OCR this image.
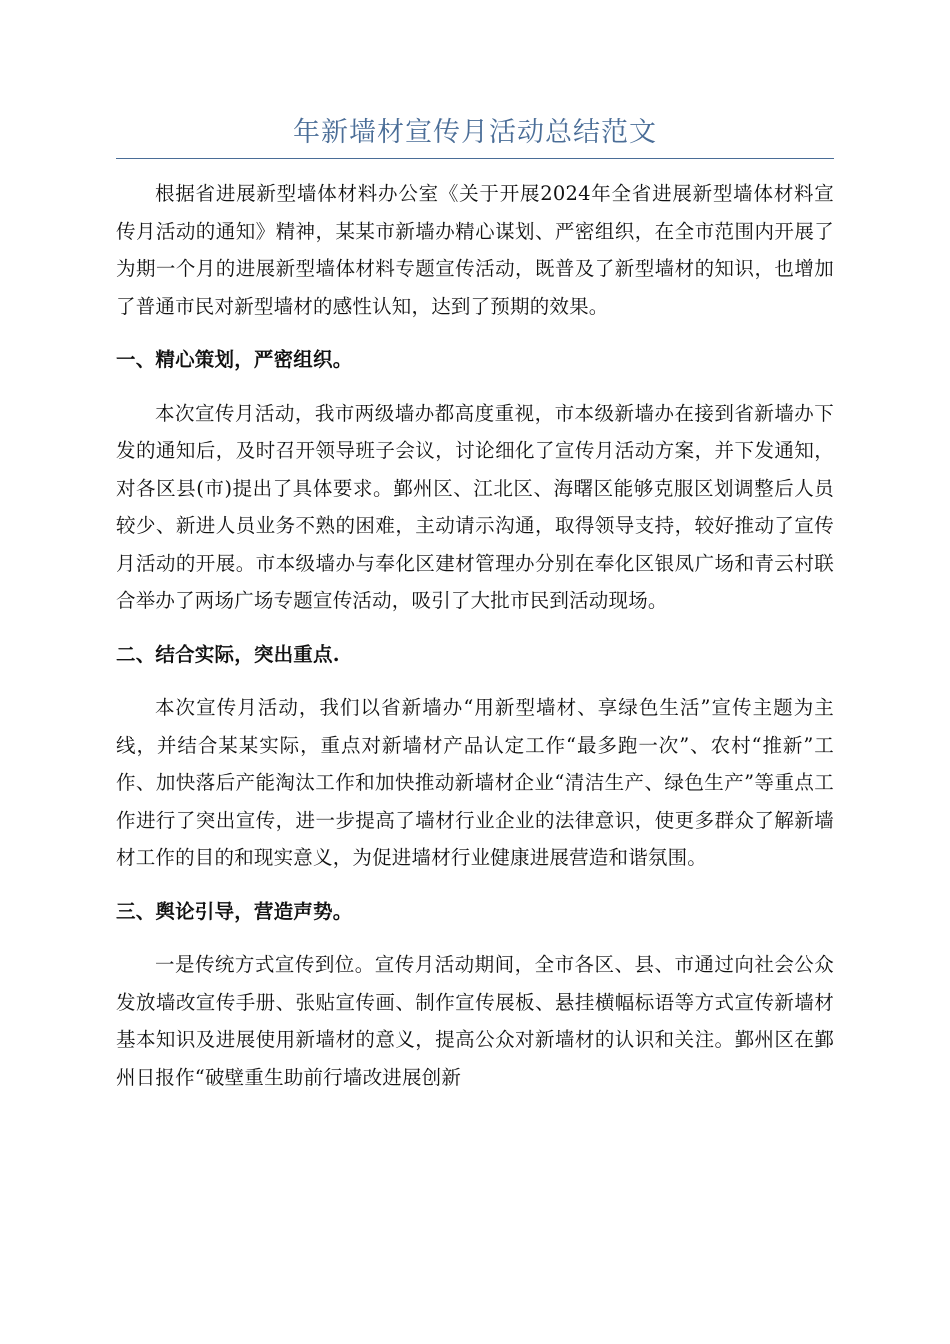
年新墙材宣传月活动总结范文

根据省进展新型墙体材料办公室《关于开展2024年全省进展新型墙体材料宣传月活动的通知》精神，某某市新墙办精心谋划、严密组织，在全市范围内开展了为期一个月的进展新型墙体材料专题宣传活动，既普及了新型墙材的知识，也增加了普通市民对新型墙材的感性认知，达到了预期的效果。

一、精心策划，严密组织。

本次宣传月活动，我市两级墙办都高度重视，市本级新墙办在接到省新墙办下发的通知后，及时召开领导班子会议，讨论细化了宣传月活动方案，并下发通知，对各区县(市)提出了具体要求。鄞州区、江北区、海曙区能够克服区划调整后人员较少、新进人员业务不熟的困难，主动请示沟通，取得领导支持，较好推动了宣传月活动的开展。市本级墙办与奉化区建材管理办分别在奉化区银凤广场和青云村联合举办了两场广场专题宣传活动，吸引了大批市民到活动现场。

二、结合实际，突出重点.

本次宣传月活动，我们以省新墙办“用新型墙材、享绿色生活”宣传主题为主线，并结合某某实际，重点对新墙材产品认定工作“最多跑一次”、农村“推新”工作、加快落后产能淘汰工作和加快推动新墙材企业“清洁生产、绿色生产”等重点工作进行了突出宣传，进一步提高了墙材行业企业的法律意识，使更多群众了解新墙材工作的目的和现实意义，为促进墙材行业健康进展营造和谐氛围。

三、舆论引导，营造声势。

一是传统方式宣传到位。宣传月活动期间，全市各区、县、市通过向社会公众发放墙改宣传手册、张贴宣传画、制作宣传展板、悬挂横幅标语等方式宣传新墙材基本知识及进展使用新墙材的意义，提高公众对新墙材的认识和关注。鄞州区在鄞州日报作“破壁重生助前行墙改进展创新
